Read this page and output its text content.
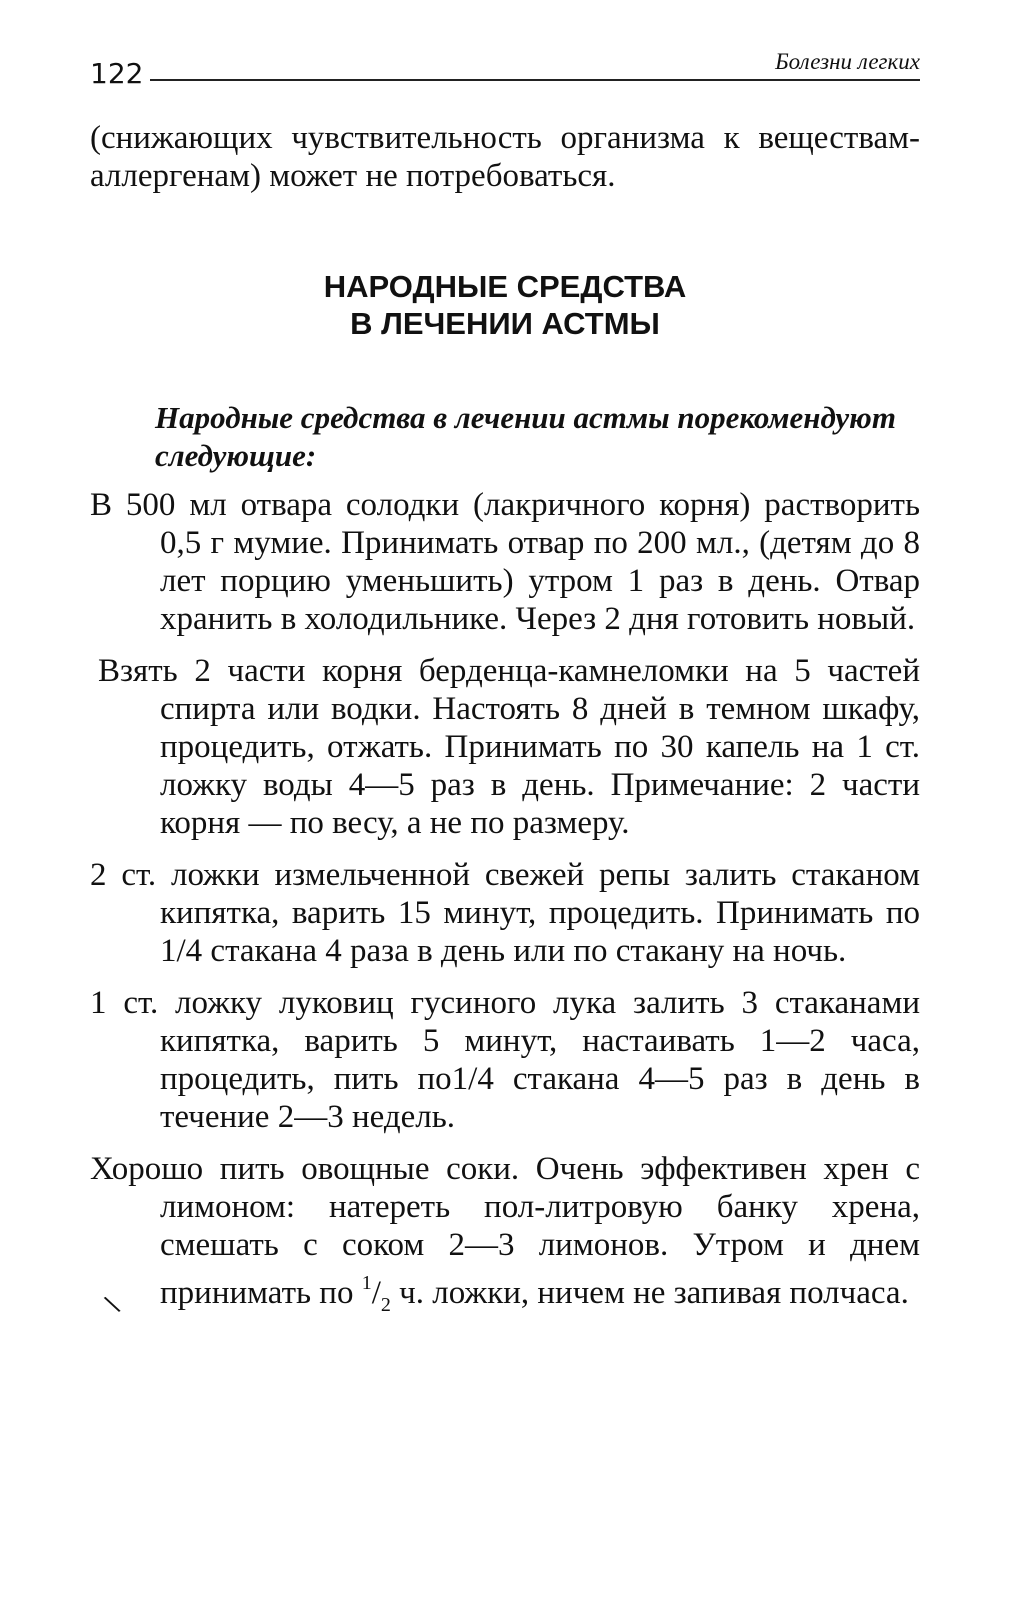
122	Болезни легких

(снижающих чувствительность организма к веществам-аллергенам) может не потребоваться.

НАРОДНЫЕ СРЕДСТВА
В ЛЕЧЕНИИ АСТМЫ

Народные средства в лечении астмы порекомендуют следующие:

В 500 мл отвара солодки (лакричного корня) растворить 0,5 г мумие. Принимать отвар по 200 мл., (детям до 8 лет порцию уменьшить) утром 1 раз в день. Отвар хранить в холодильнике. Через 2 дня готовить новый.
Взять 2 части корня берденца-камнеломки на 5 частей спирта или водки. Настоять 8 дней в темном шкафу, процедить, отжать. Принимать по 30 капель на 1 ст. ложку воды 4—5 раз в день. Примечание: 2 части корня — по весу, а не по размеру.
2 ст. ложки измельченной свежей репы залить стаканом кипятка, варить 15 минут, процедить. Принимать по 1/4 стакана 4 раза в день или по стакану на ночь.
1 ст. ложку луковиц гусиного лука залить 3 стаканами кипятка, варить 5 минут, настаивать 1—2 часа, процедить, пить по1/4 стакана 4—5 раз в день в течение 2—3 недель.
Хорошо пить овощные соки. Очень эффективен хрен с лимоном: натереть пол-литровую банку хрена, смешать с соком 2—3 лимонов. Утром и днем принимать по $^1/_2$ ч. ложки, ничем не запивая полчаса.
\
